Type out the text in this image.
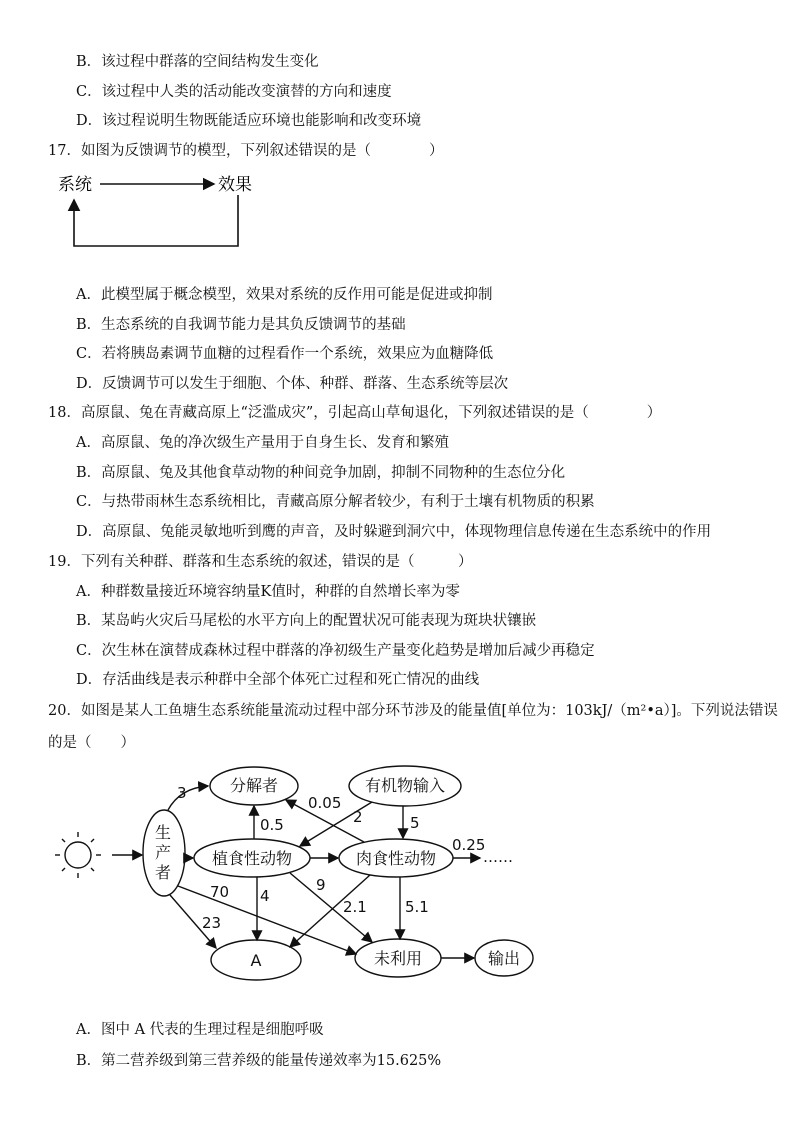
B．该过程中群落的空间结构发生变化
C．该过程中人类的活动能改变演替的方向和速度
D．该过程说明生物既能适应环境也能影响和改变环境
17．如图为反馈调节的模型，下列叙述错误的是（　　　　）
系统	效果
A．此模型属于概念模型，效果对系统的反作用可能是促进或抑制
B．生态系统的自我调节能力是其负反馈调节的基础
C．若将胰岛素调节血糖的过程看作一个系统，效果应为血糖降低
D．反馈调节可以发生于细胞、个体、种群、群落、生态系统等层次
18．高原鼠、兔在青藏高原上“泛滥成灾”，引起高山草甸退化，下列叙述错误的是（　　　　）
A．高原鼠、兔的净次级生产量用于自身生长、发育和繁殖
B．高原鼠、兔及其他食草动物的种间竞争加剧，抑制不同物种的生态位分化
C．与热带雨林生态系统相比，青藏高原分解者较少，有利于土壤有机物质的积累
D．高原鼠、兔能灵敏地听到鹰的声音，及时躲避到洞穴中，体现物理信息传递在生态系统中的作用
19．下列有关种群、群落和生态系统的叙述，错误的是（　　　）
A．种群数量接近环境容纳量K值时，种群的自然增长率为零
B．某岛屿火灾后马尾松的水平方向上的配置状况可能表现为斑块状镶嵌
C．次生林在演替成森林过程中群落的净初级生产量变化趋势是增加后减少再稳定
D．存活曲线是表示种群中全部个体死亡过程和死亡情况的曲线
20．如图是某人工鱼塘生态系统能量流动过程中部分环节涉及的能量值[单位为：103kJ/（m²•a）]。下列说法错误
的是（　　）
生
产
者
分解者	有机物输入
植食性动物	肉食性动物
A	未利用	输出
3
0.05
0.5	2	5
0.25
……
70
23
4
9
2.1	5.1
A．图中 A 代表的生理过程是细胞呼吸
B．第二营养级到第三营养级的能量传递效率为15.625%
